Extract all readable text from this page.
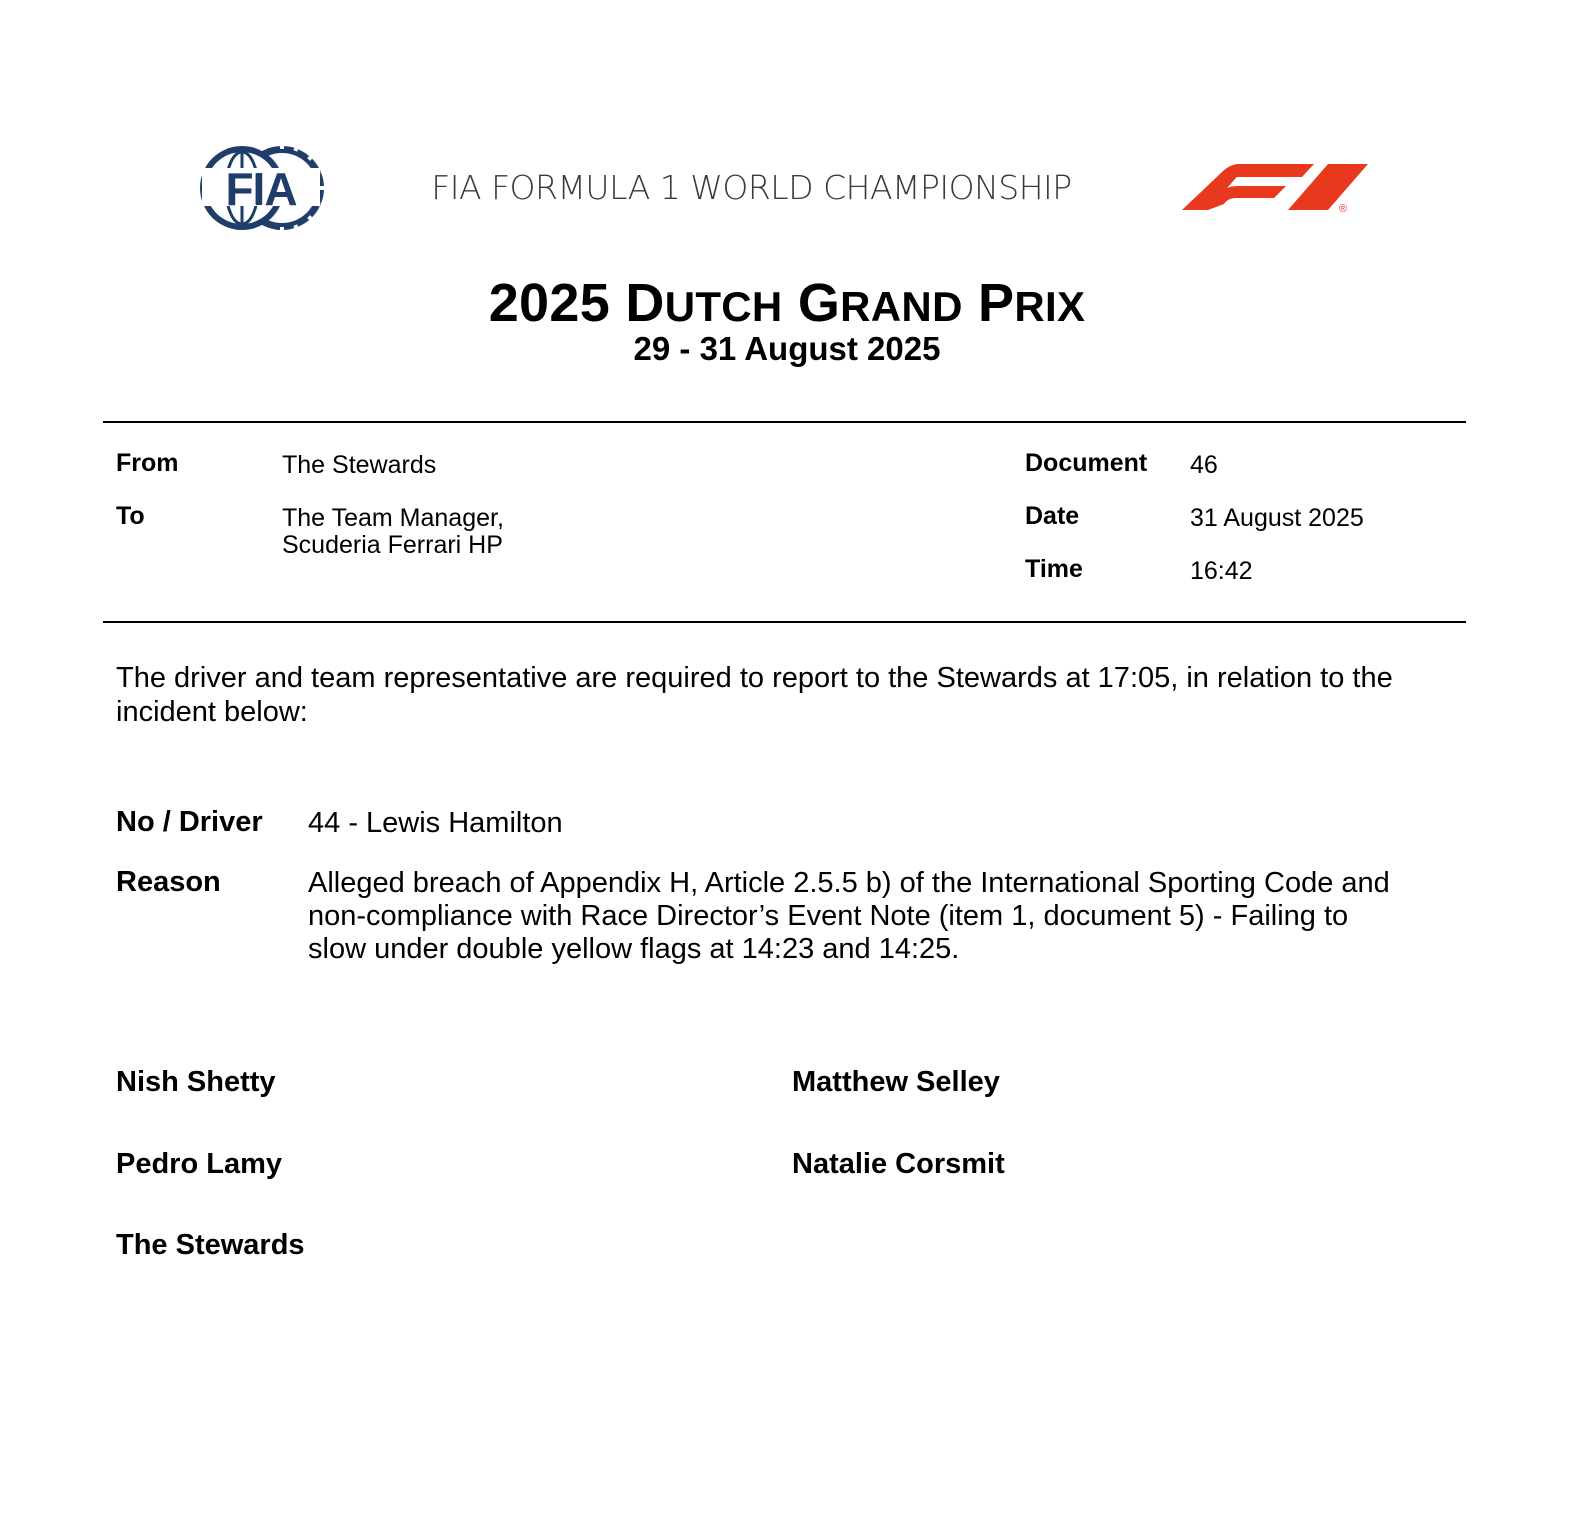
FIA	FIA FORMULA 1 WORLD CHAMPIONSHIP
®
2025 DUTCH GRAND PRIX
29 - 31 August 2025
From	The Stewards
To	The Team Manager,
Scuderia Ferrari HP
Document 46
Date	31 August 2025
Time	16:42
The driver and team representative are required to report to the Stewards at 17:05, in relation to the
incident below:
No / Driver 44 - Lewis Hamilton
Reason	Alleged breach of Appendix H, Article 2.5.5 b) of the International Sporting Code and
non-compliance with Race Director’s Event Note (item 1, document 5) - Failing to
slow under double yellow flags at 14:23 and 14:25.
Nish Shetty	Matthew Selley
Pedro Lamy	Natalie Corsmit
The Stewards
